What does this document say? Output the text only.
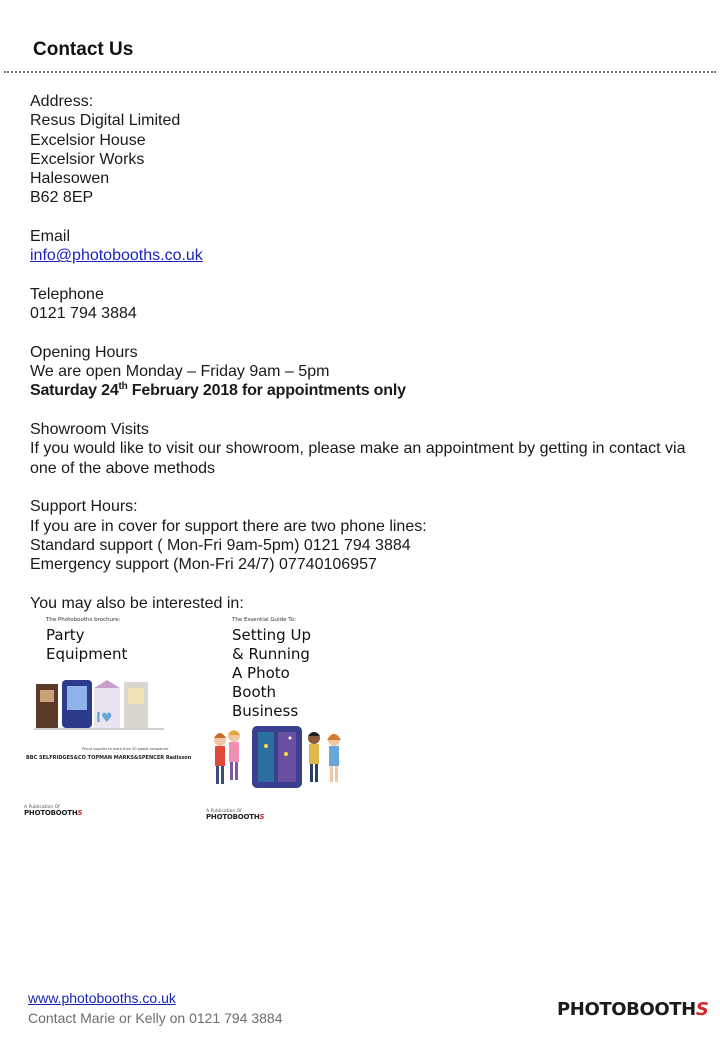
Contact Us
Address:
Resus Digital Limited
Excelsior House
Excelsior Works
Halesowen
B62 8EP
Email
info@photobooths.co.uk
Telephone
0121 794 3884
Opening Hours
We are open Monday – Friday 9am – 5pm
Saturday 24th February 2018 for appointments only
Showroom Visits
If you would like to visit our showroom, please make an appointment by getting in contact via one of the above methods
Support Hours:
If you are in cover for support there are two phone lines:
Standard support ( Mon-Fri 9am-5pm) 0121 794 3884
Emergency support (Mon-Fri 24/7) 07740106957
You may also be interested in:
The Photobooths brochure:
Party
Equipment
I♥
Proud supplier to more than 50 global companies
BBC SELFRIDGES&CO TOPMAN MARKS&SPENCER Radisson
A Publication Of
PHOTOBOOTHS
The Essential Guide To:
Setting Up
& Running
A Photo
Booth
Business
A Publication Of
PHOTOBOOTHS
www.photobooths.co.uk
Contact Marie or Kelly on 0121 794 3884	PHOTOBOOTHS
